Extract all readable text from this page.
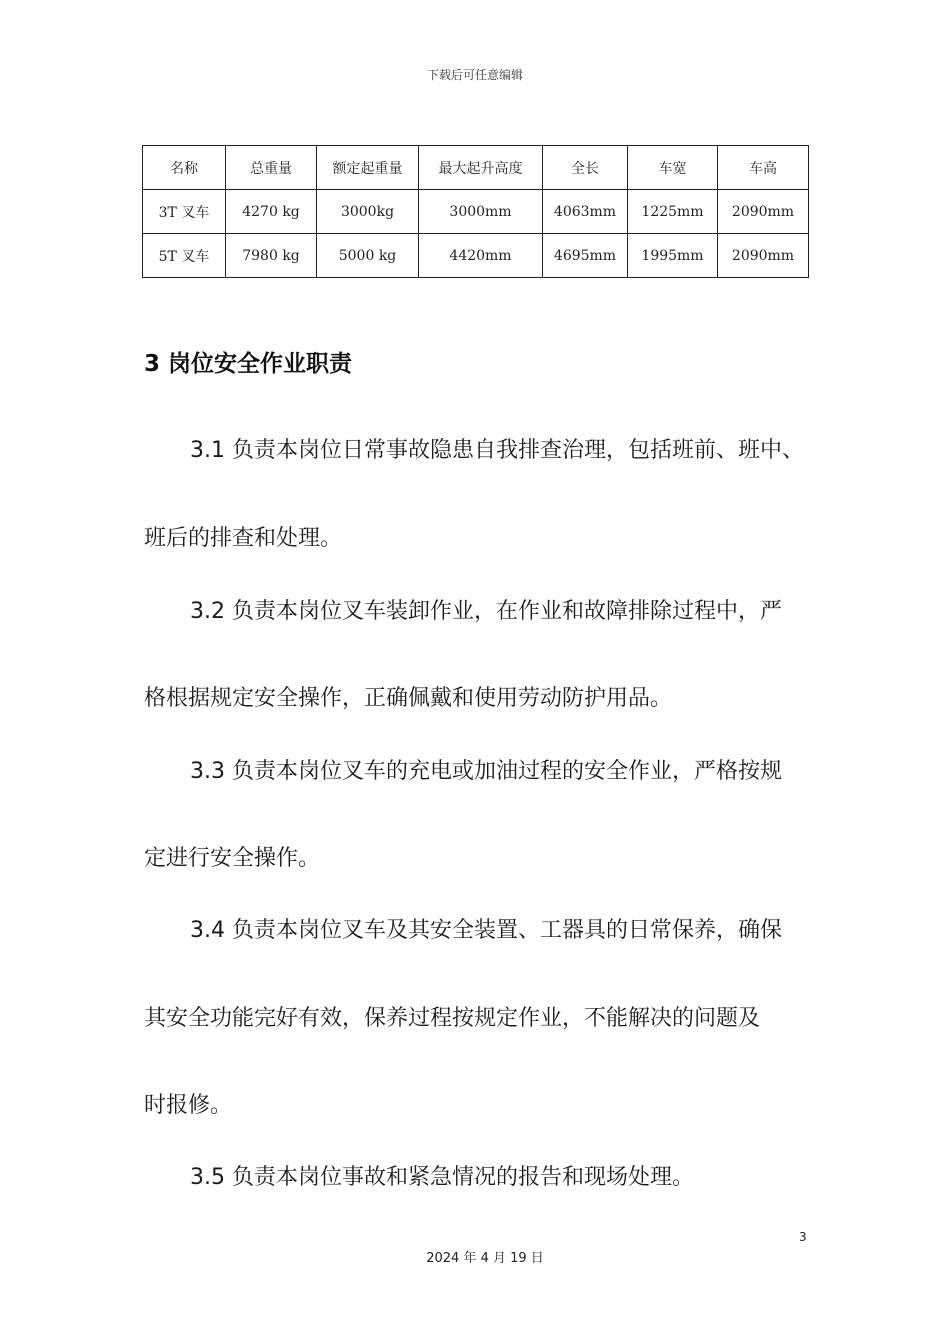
下载后可任意编辑
名称	总重量	额定起重量	最大起升高度	全长	车宽	车高
3T 叉车	4270 kg	3000kg	3000mm	4063mm	1225mm	2090mm
5T 叉车	7980 kg	5000 kg	4420mm	4695mm	1995mm	2090mm
3 岗位安全作业职责
3.1 负责本岗位日常事故隐患自我排查治理，包括班前、班中、
班后的排查和处理。
3.2 负责本岗位叉车装卸作业，在作业和故障排除过程中，严
格根据规定安全操作，正确佩戴和使用劳动防护用品。
3.3 负责本岗位叉车的充电或加油过程的安全作业，严格按规
定进行安全操作。
3.4 负责本岗位叉车及其安全装置、工器具的日常保养，确保
其安全功能完好有效，保养过程按规定作业，不能解决的问题及
时报修。
3.5 负责本岗位事故和紧急情况的报告和现场处理。
3
2024 年 4 月 19 日
